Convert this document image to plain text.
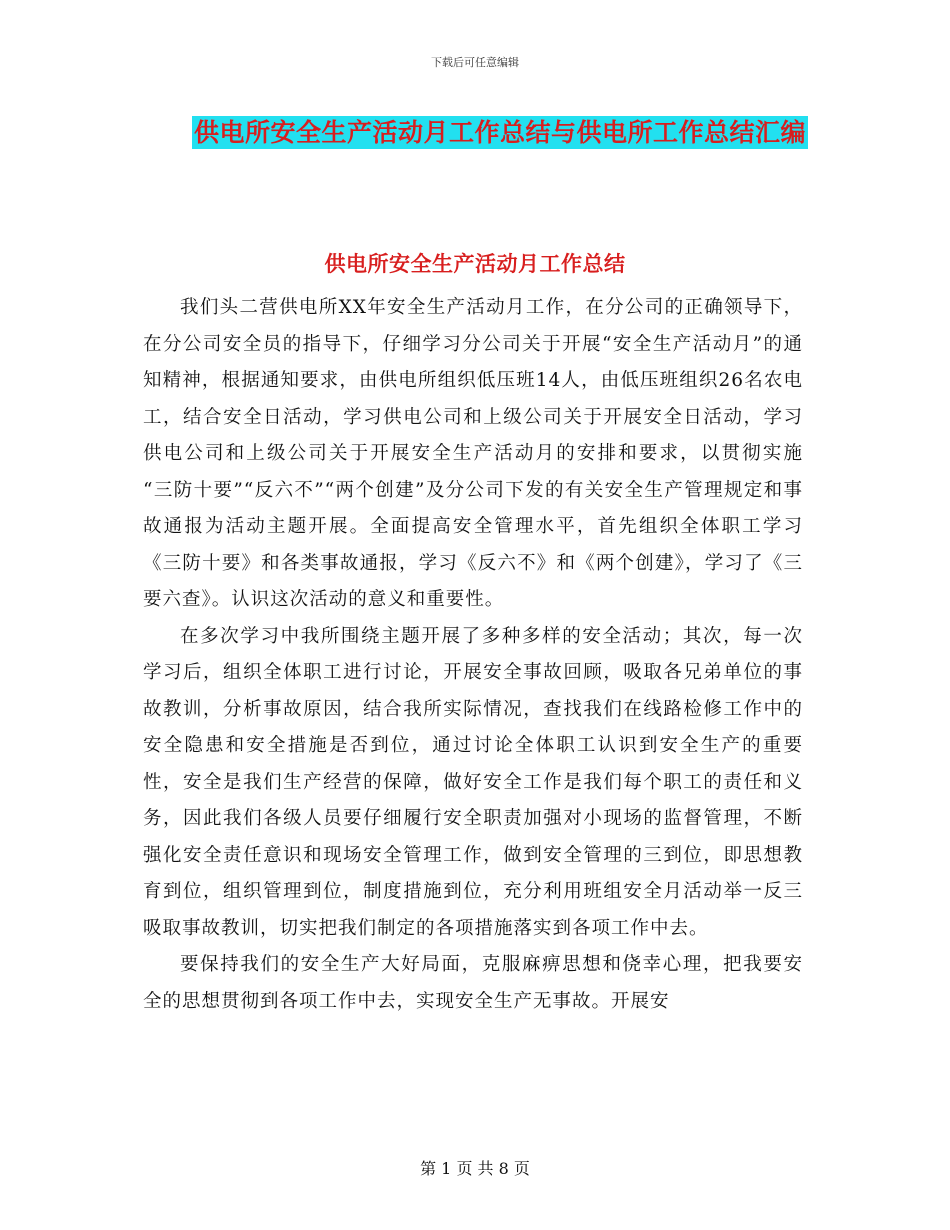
下载后可任意编辑
供电所安全生产活动月工作总结与供电所工作总结汇编
供电所安全生产活动月工作总结

我们头二营供电所XX年安全生产活动月工作，在分公司的正确领导下，在分公司安全员的指导下，仔细学习分公司关于开展“安全生产活动月”的通知精神，根据通知要求，由供电所组织低压班14人，由低压班组织26名农电工，结合安全日活动，学习供电公司和上级公司关于开展安全日活动，学习供电公司和上级公司关于开展安全生产活动月的安排和要求，以贯彻实施 “三防十要”“反六不”“两个创建”及分公司下发的有关安全生产管理规定和事故通报为活动主题开展。全面提高安全管理水平，首先组织全体职工学习《三防十要》和各类事故通报，学习《反六不》和《两个创建》，学习了《三要六查》。认识这次活动的意义和重要性。

在多次学习中我所围绕主题开展了多种多样的安全活动；其次，每一次学习后，组织全体职工进行讨论，开展安全事故回顾，吸取各兄弟单位的事故教训，分析事故原因，结合我所实际情况，查找我们在线路检修工作中的安全隐患和安全措施是否到位，通过讨论全体职工认识到安全生产的重要性，安全是我们生产经营的保障，做好安全工作是我们每个职工的责任和义务，因此我们各级人员要仔细履行安全职责加强对小现场的监督管理，不断强化安全责任意识和现场安全管理工作，做到安全管理的三到位，即思想教育到位，组织管理到位，制度措施到位，充分利用班组安全月活动举一反三吸取事故教训，切实把我们制定的各项措施落实到各项工作中去。

要保持我们的安全生产大好局面，克服麻痹思想和侥幸心理，把我要安全的思想贯彻到各项工作中去，实现安全生产无事故。开展安

第 1 页 共 8 页
